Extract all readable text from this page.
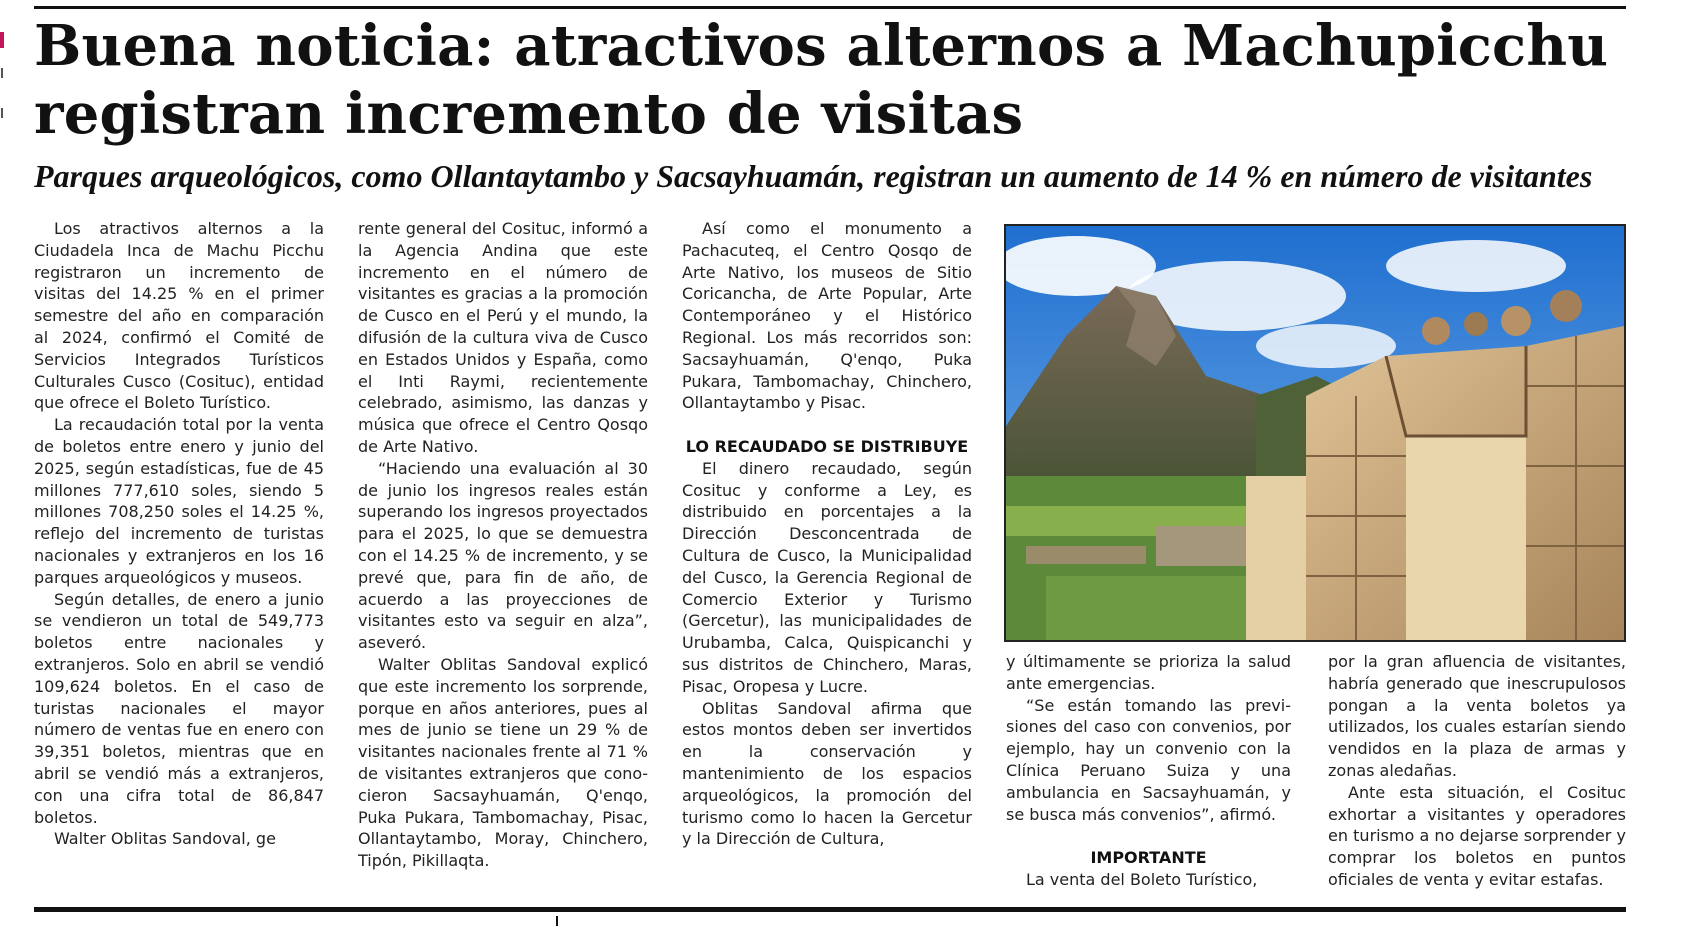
Buena noticia: atractivos alternos a Machupicchu registran incremento de visitas
Parques arqueológicos, como Ollantaytambo y Sacsayhuamán, registran un aumento de 14 % en número de visitantes

Los atractivos alternos a la Ciudadela Inca de Machu Picchu registraron un incremento de visitas del 14.25 % en el primer semestre del año en comparación al 2024, confirmó el Comité de Servicios Integrados Turísticos Culturales Cusco (Cosituc), entidad que ofrece el Boleto Turístico.

La recaudación total por la venta de boletos entre enero y junio del 2025, según estadísticas, fue de 45 millones 777,610 soles, siendo 5 millones 708,250 soles el 14.25 %, reflejo del incremento de turistas nacionales y extranjeros en los 16 parques arqueológicos y museos.

Según detalles, de enero a junio se vendieron un total de 549,773 boletos entre nacionales y extranjeros. Solo en abril se vendió 109,624 boletos. En el caso de turistas nacionales el mayor número de ventas fue en enero con 39,351 boletos, mientras que en abril se vendió más a extranjeros, con una cifra total de 86,847 boletos.

Walter Oblitas Sandoval, ge

rente general del Cosituc, informó a la Agencia Andina que este incremento en el número de visitantes es gracias a la promoción de Cusco en el Perú y el mundo, la difusión de la cultura viva de Cusco en Estados Unidos y España, como el Inti Raymi, recientemente celebrado, asimismo, las danzas y música que ofrece el Centro Qosqo de Arte Nativo.

“Haciendo una evaluación al 30 de junio los ingresos reales están superando los ingresos proyectados para el 2025, lo que se demuestra con el 14.25 % de incremento, y se prevé que, para fin de año, de acuerdo a las proyecciones de visitantes esto va seguir en alza”, aseveró.

Walter Oblitas Sandoval explicó que este incremento los sorprende, porque en años anteriores, pues al mes de junio se tiene un 29 % de visitantes nacionales frente al 71 % de visitantes extranjeros que conocieron Sacsayhuamán, Q'enqo, Puka Pukara, Tambomachay, Pisac, Ollantaytambo, Moray, Chinchero, Tipón, Pikillaqta.

Así como el monumento a Pachacuteq, el Centro Qosqo de Arte Nativo, los museos de Sitio Coricancha, de Arte Popular, Arte Contemporáneo y el Histórico Regional. Los más recorridos son: Sacsayhuamán, Q'enqo, Puka Pukara, Tambomachay, Chinchero, Ollantaytambo y Pisac.

LO RECAUDADO SE DISTRIBUYE

El dinero recaudado, según Cosituc y conforme a Ley, es distribuido en porcentajes a la Dirección Desconcentrada de Cultura de Cusco, la Municipalidad del Cusco, la Gerencia Regional de Comercio Exterior y Turismo (Gercetur), las municipalidades de Urubamba, Calca, Quispicanchi y sus distritos de Chinchero, Maras, Pisac, Oropesa y Lucre.

Oblitas Sandoval afirma que estos montos deben ser invertidos en la conservación y mantenimiento de los espacios arqueológicos, la promoción del turismo como lo hacen la Gercetur y la Dirección de Cultura,

y últimamente se prioriza la salud ante emergencias.

“Se están tomando las previsiones del caso con convenios, por ejemplo, hay un convenio con la Clínica Peruano Suiza y una ambulancia en Sacsayhuamán, y se busca más convenios”, afirmó.

IMPORTANTE

La venta del Boleto Turístico,

por la gran afluencia de visitantes, habría generado que inescrupulosos pongan a la venta boletos ya utilizados, los cuales estarían siendo vendidos en la plaza de armas y zonas aledañas.

Ante esta situación, el Cosituc exhortar a visitantes y operadores en turismo a no dejarse sorprender y comprar los boletos en puntos oficiales de venta y evitar estafas.
